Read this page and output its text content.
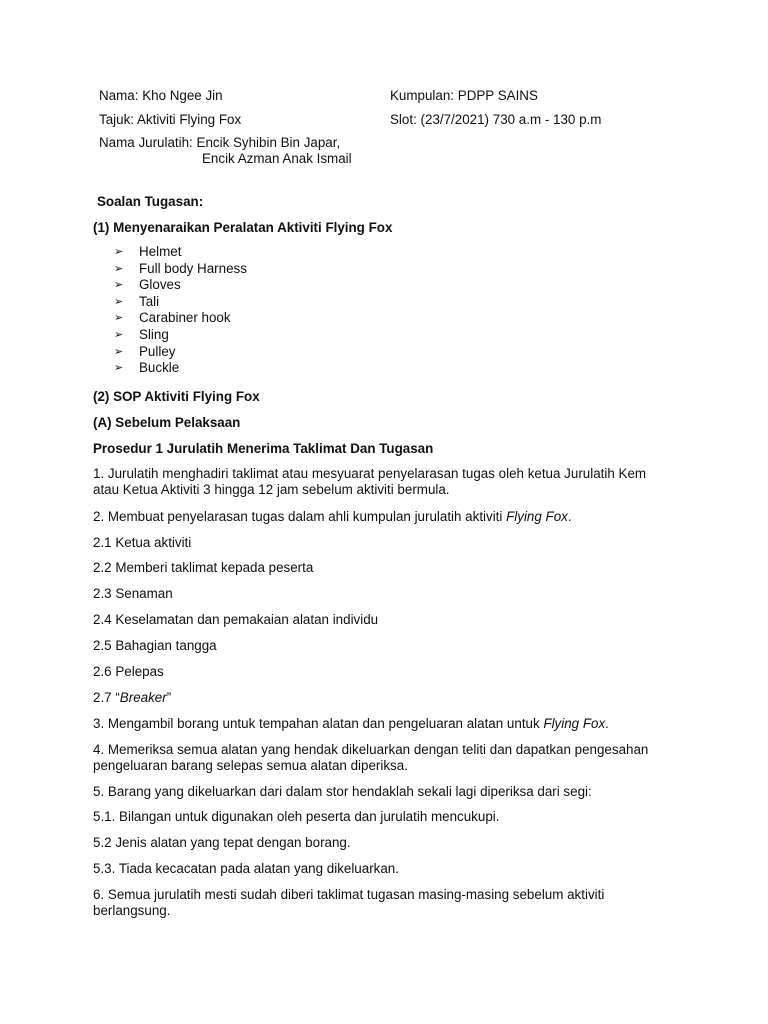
Nama: Kho Ngee Jin	Kumpulan: PDPP SAINS
Tajuk: Aktiviti Flying Fox	Slot: (23/7/2021) 730 a.m - 130 p.m
Nama Jurulatih: Encik Syhibin Bin Japar,
Encik Azman Anak Ismail
Soalan Tugasan:
(1) Menyenaraikan Peralatan Aktiviti Flying Fox
➢ Helmet
➢ Full body Harness
➢ Gloves
➢ Tali
➢ Carabiner hook
➢ Sling
➢ Pulley
➢ Buckle
(2) SOP Aktiviti Flying Fox
(A) Sebelum Pelaksaan
Prosedur 1 Jurulatih Menerima Taklimat Dan Tugasan
1. Jurulatih menghadiri taklimat atau mesyuarat penyelarasan tugas oleh ketua Jurulatih Kem atau Ketua Aktiviti 3 hingga 12 jam sebelum aktiviti bermula.
2. Membuat penyelarasan tugas dalam ahli kumpulan jurulatih aktiviti Flying Fox.
2.1 Ketua aktiviti
2.2 Memberi taklimat kepada peserta
2.3 Senaman
2.4 Keselamatan dan pemakaian alatan individu
2.5 Bahagian tangga
2.6 Pelepas
2.7 “Breaker”
3. Mengambil borang untuk tempahan alatan dan pengeluaran alatan untuk Flying Fox.
4. Memeriksa semua alatan yang hendak dikeluarkan dengan teliti dan dapatkan pengesahan pengeluaran barang selepas semua alatan diperiksa.
5. Barang yang dikeluarkan dari dalam stor hendaklah sekali lagi diperiksa dari segi:
5.1. Bilangan untuk digunakan oleh peserta dan jurulatih mencukupi.
5.2 Jenis alatan yang tepat dengan borang.
5.3. Tiada kecacatan pada alatan yang dikeluarkan.
6. Semua jurulatih mesti sudah diberi taklimat tugasan masing-masing sebelum aktiviti berlangsung.
